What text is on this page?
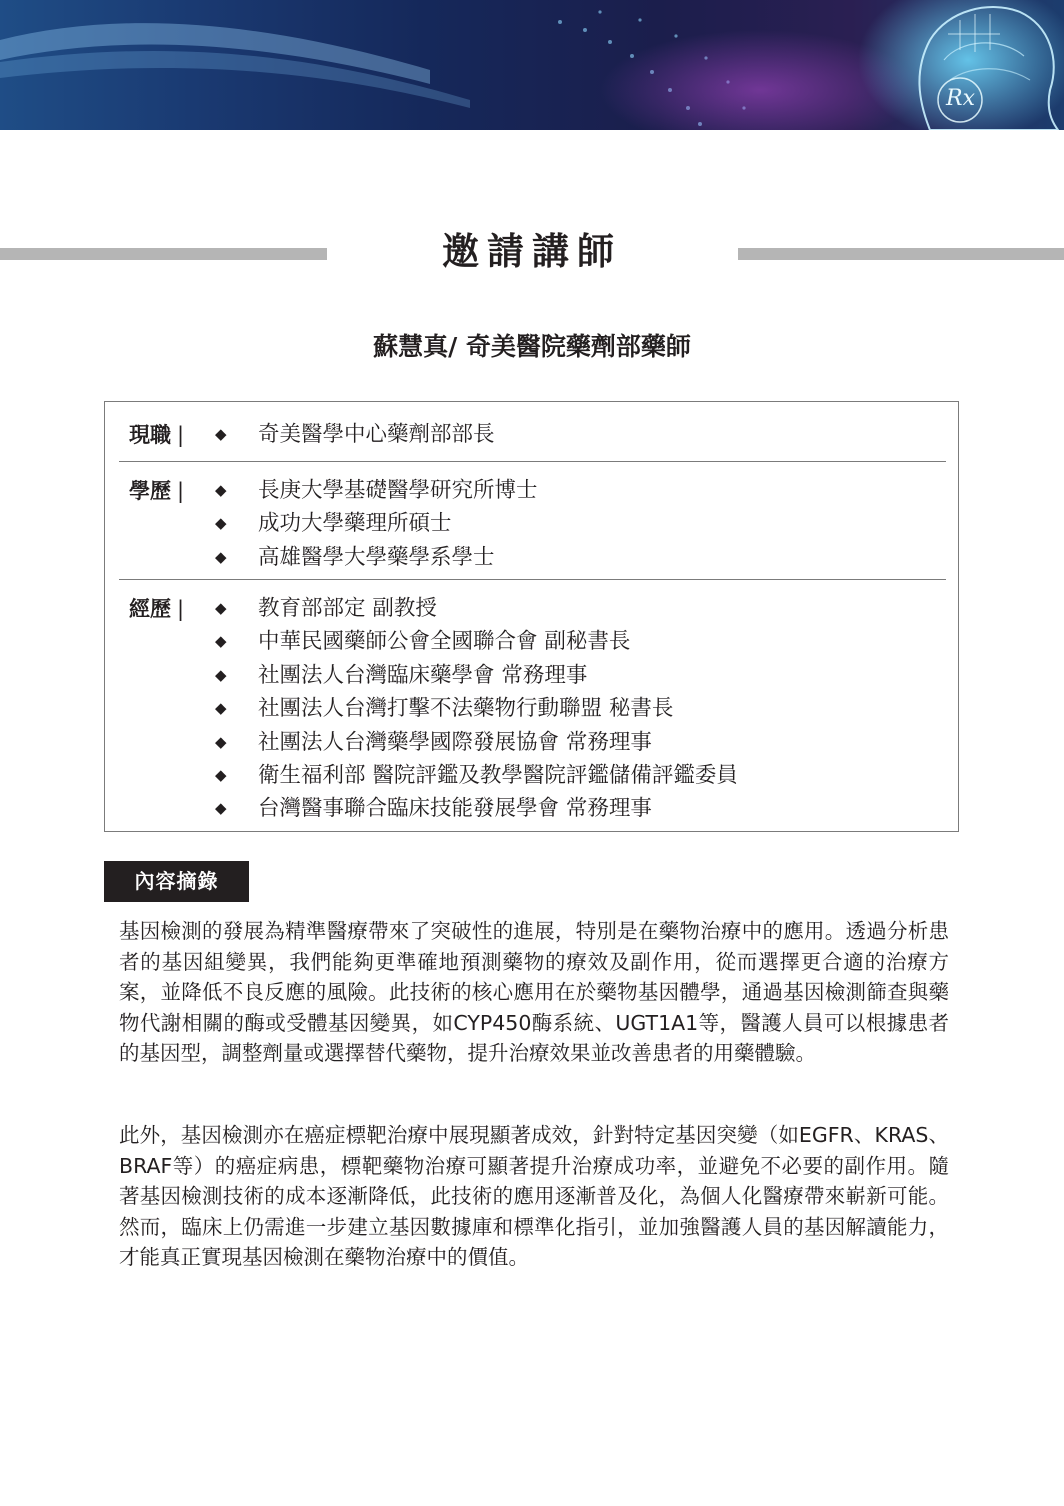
Rx
邀請講師
蘇慧真/ 奇美醫院藥劑部藥師
現職 | ◆ 奇美醫學中心藥劑部部長
學歷 | ◆ 長庚大學基礎醫學研究所博士
◆ 成功大學藥理所碩士
◆ 高雄醫學大學藥學系學士
經歷 | ◆ 教育部部定 副教授
◆ 中華民國藥師公會全國聯合會 副秘書長
◆ 社團法人台灣臨床藥學會 常務理事
◆ 社團法人台灣打擊不法藥物行動聯盟 秘書長
◆ 社團法人台灣藥學國際發展協會 常務理事
◆ 衛生福利部 醫院評鑑及教學醫院評鑑儲備評鑑委員
◆ 台灣醫事聯合臨床技能發展學會 常務理事
內容摘錄

基因檢測的發展為精準醫療帶來了突破性的進展，特別是在藥物治療中的應用。透過分析患者的基因組變異，我們能夠更準確地預測藥物的療效及副作用，從而選擇更合適的治療方案，並降低不良反應的風險。此技術的核心應用在於藥物基因體學，通過基因檢測篩查與藥物代謝相關的酶或受體基因變異，如CYP450酶系統、UGT1A1等，醫護人員可以根據患者的基因型，調整劑量或選擇替代藥物，提升治療效果並改善患者的用藥體驗。

此外，基因檢測亦在癌症標靶治療中展現顯著成效，針對特定基因突變（如EGFR、KRAS、BRAF等）的癌症病患，標靶藥物治療可顯著提升治療成功率，並避免不必要的副作用。隨著基因檢測技術的成本逐漸降低，此技術的應用逐漸普及化，為個人化醫療帶來嶄新可能。然而，臨床上仍需進一步建立基因數據庫和標準化指引，並加強醫護人員的基因解讀能力，才能真正實現基因檢測在藥物治療中的價值。
